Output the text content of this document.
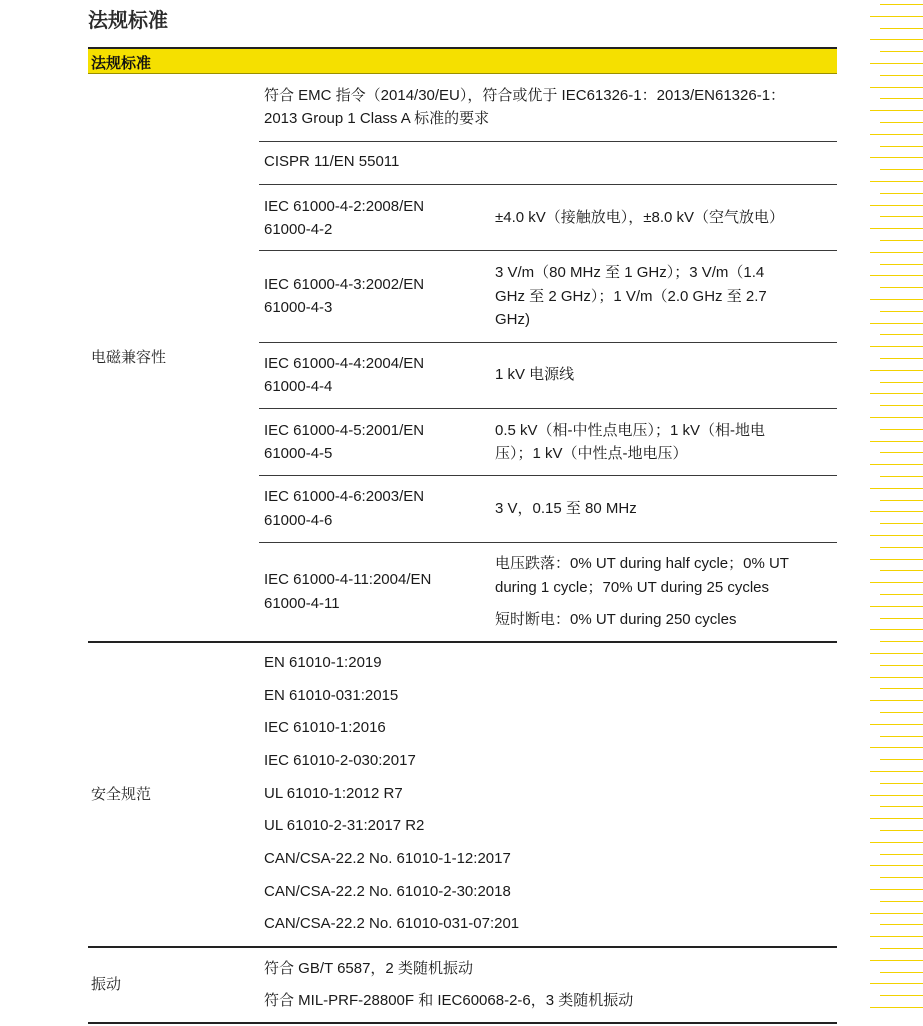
法规标准
法规标准
电磁兼容性
符合 EMC 指令（2014/30/EU），符合或优于 IEC61326-1：2013/EN61326-1：
2013 Group 1 Class A 标准的要求
CISPR 11/EN 55011
IEC 61000-4-2:2008/EN
61000-4-2
±4.0 kV（接触放电），±8.0 kV（空气放电）
IEC 61000-4-3:2002/EN
61000-4-3
3 V/m（80 MHz 至 1 GHz）；3 V/m（1.4
GHz 至 2 GHz）；1 V/m（2.0 GHz 至 2.7
GHz)
IEC 61000-4-4:2004/EN
61000-4-4
1 kV 电源线
IEC 61000-4-5:2001/EN
61000-4-5
0.5 kV（相-中性点电压）；1 kV（相-地电
压）；1 kV（中性点-地电压）
IEC 61000-4-6:2003/EN
61000-4-6
3 V，0.15 至 80 MHz
IEC 61000-4-11:2004/EN
61000-4-11
电压跌落：0% UT during half cycle；0% UT
during 1 cycle；70% UT during 25 cycles
短时断电：0% UT during 250 cycles
安全规范
EN 61010-1:2019
EN 61010-031:2015
IEC 61010-1:2016
IEC 61010-2-030:2017
UL 61010-1:2012 R7
UL 61010-2-31:2017 R2
CAN/CSA-22.2 No. 61010-1-12:2017
CAN/CSA-22.2 No. 61010-2-30:2018
CAN/CSA-22.2 No. 61010-031-07:201
振动
符合 GB/T 6587，2 类随机振动
符合 MIL-PRF-28800F 和 IEC60068-2-6，3 类随机振动
